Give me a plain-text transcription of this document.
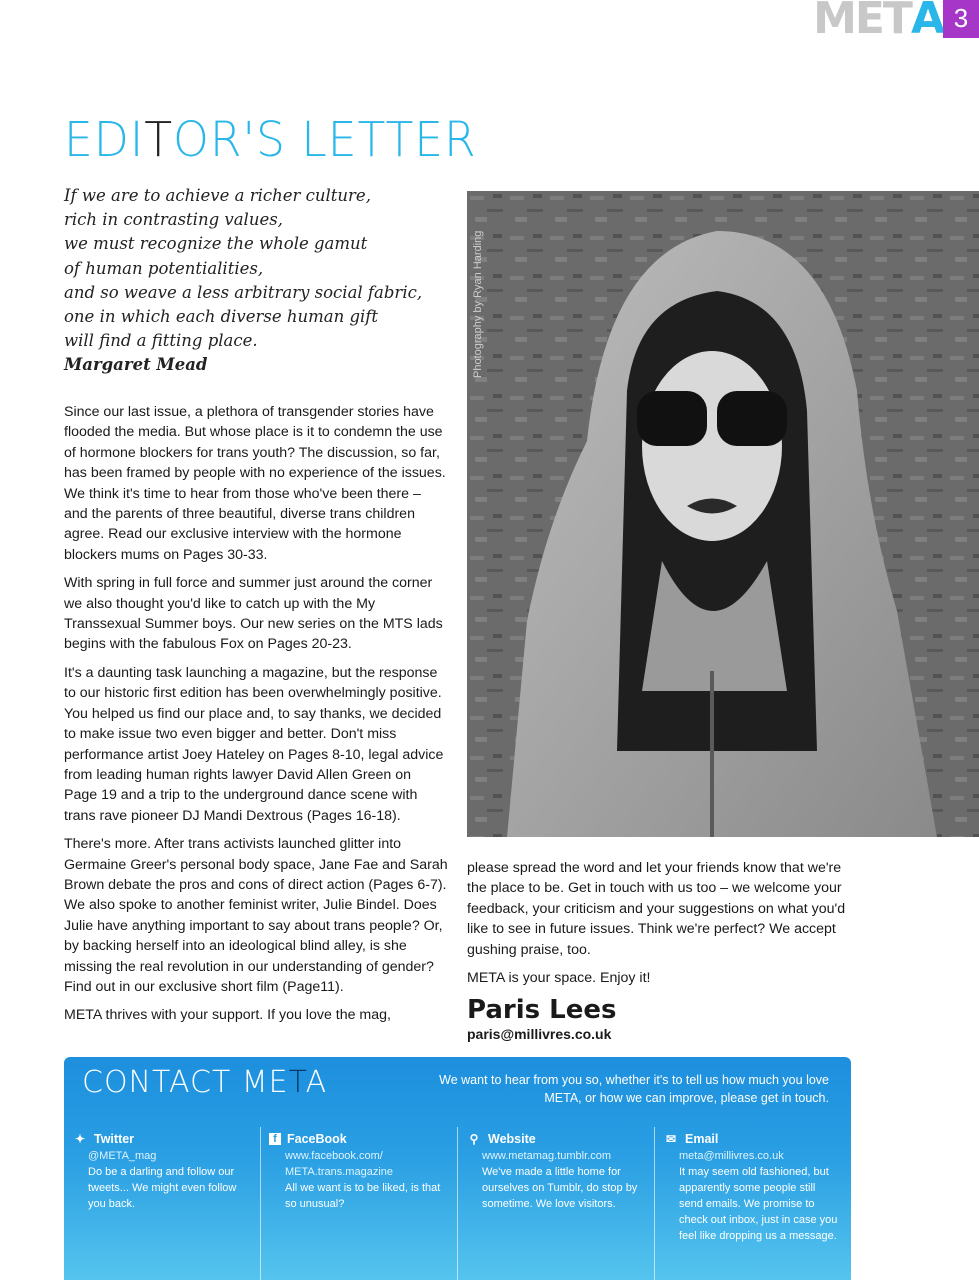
MET A 3
EDITOR'S LETTER
If we are to achieve a richer culture,
rich in contrasting values,
we must recognize the whole gamut
of human potentialities,
and so weave a less arbitrary social fabric,
one in which each diverse human gift
will find a fitting place.
Margaret Mead

Since our last issue, a plethora of transgender stories have flooded the media. But whose place is it to condemn the use of hormone blockers for trans youth? The discussion, so far, has been framed by people with no experience of the issues. We think it's time to hear from those who've been there – and the parents of three beautiful, diverse trans children agree. Read our exclusive interview with the hormone blockers mums on Pages 30-33.

With spring in full force and summer just around the corner we also thought you'd like to catch up with the My Transsexual Summer boys. Our new series on the MTS lads begins with the fabulous Fox on Pages 20-23.

It's a daunting task launching a magazine, but the response to our historic first edition has been overwhelmingly positive. You helped us find our place and, to say thanks, we decided to make issue two even bigger and better. Don't miss performance artist Joey Hateley on Pages 8-10, legal advice from leading human rights lawyer David Allen Green on Page 19 and a trip to the underground dance scene with trans rave pioneer DJ Mandi Dextrous (Pages 16-18).

There's more. After trans activists launched glitter into Germaine Greer's personal body space, Jane Fae and Sarah Brown debate the pros and cons of direct action (Pages 6-7). We also spoke to another feminist writer, Julie Bindel. Does Julie have anything important to say about trans people? Or, by backing herself into an ideological blind alley, is she missing the real revolution in our understanding of gender? Find out in our exclusive short film (Page11).

META thrives with your support. If you love the mag,

Photography by Ryan Harding

please spread the word and let your friends know that we're the place to be. Get in touch with us too – we welcome your feedback, your criticism and your suggestions on what you'd like to see in future issues. Think we're perfect? We accept gushing praise, too.

META is your space. Enjoy it!

Paris Lees
paris@millivres.co.uk
CONTACT META	We want to hear from you so, whether it's to tell us how much you love META, or how we can improve, please get in touch.
✦ Twitter
@META_mag
Do be a darling and follow our tweets... We might even follow you back.
f FaceBook
www.facebook.com/ META.trans.magazine
All we want is to be liked, is that so unusual?
⚲ Website
www.metamag.tumblr.com
We've made a little home for ourselves on Tumblr, do stop by sometime. We love visitors.
✉ Email
meta@millivres.co.uk
It may seem old fashioned, but apparently some people still send emails. We promise to check out inbox, just in case you feel like dropping us a message.
